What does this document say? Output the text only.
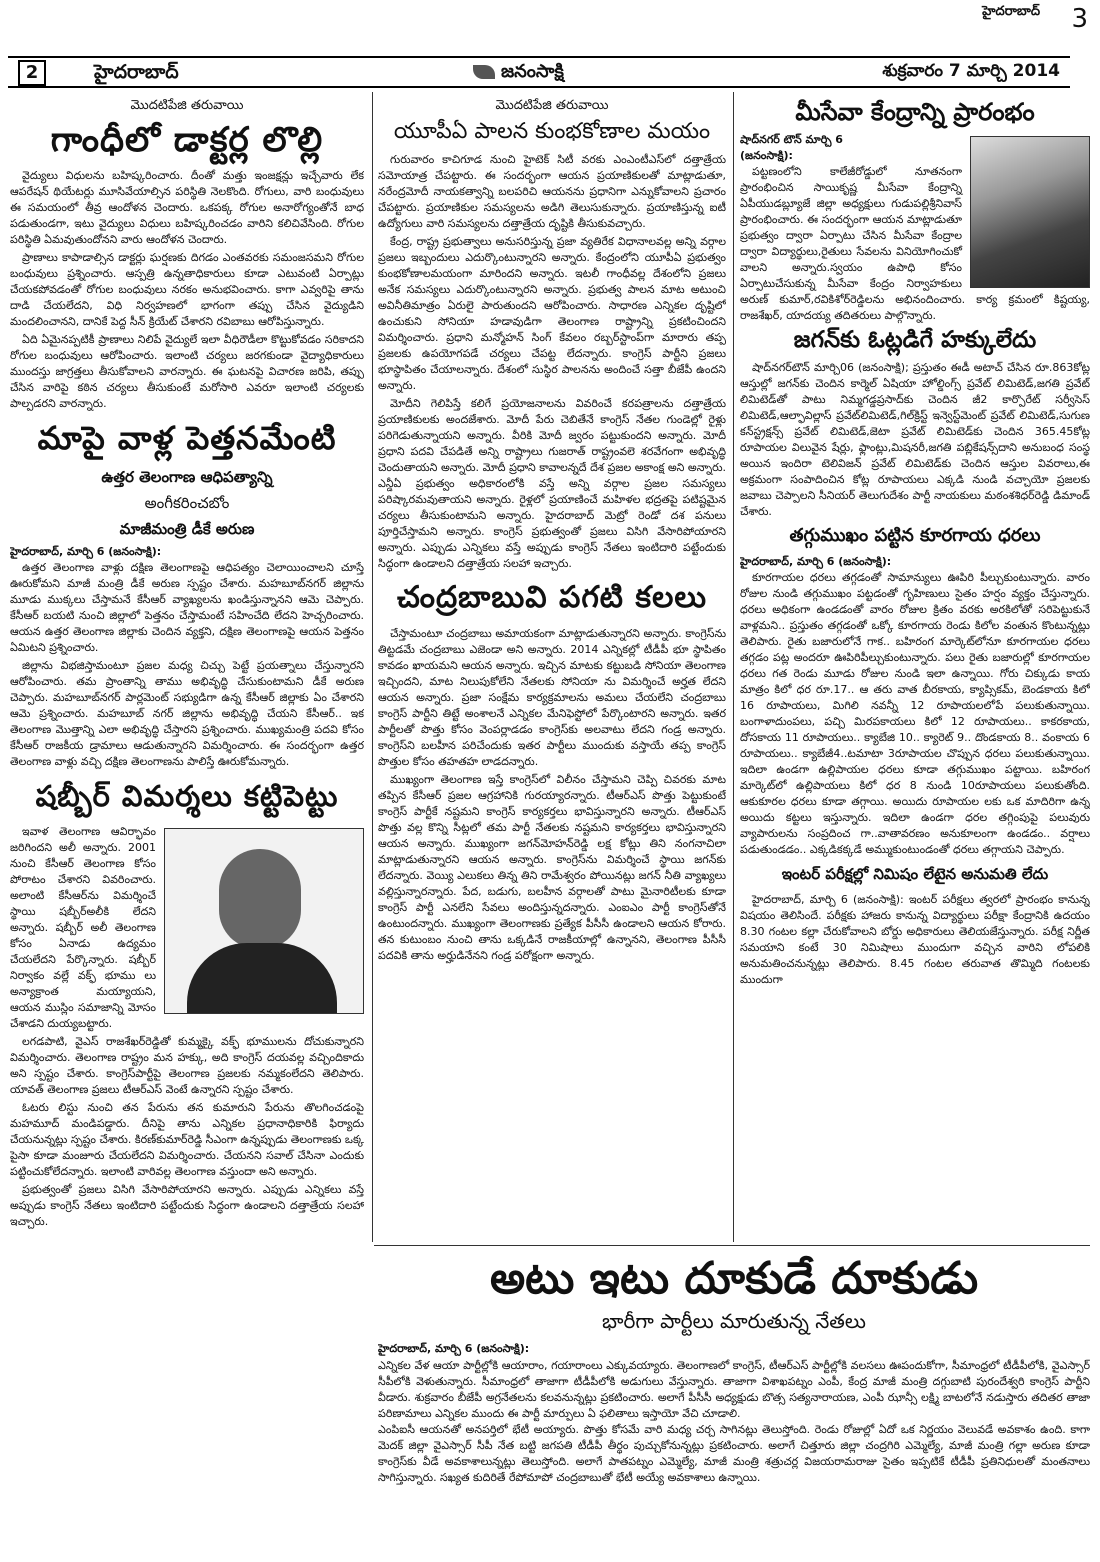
హైదరాబాద్ 3
2	హైదరాబాద్	జనంసాక్షి	శుక్రవారం 7 మార్చి 2014
మొదటిపేజి తరువాయి
గాంధీలో డాక్టర్ల లొల్లి

వైద్యులు విధులను బహిష్కరించారు. దీంతో మత్తు ఇంజక్షన్లు ఇచ్చేవారు లేక ఆపరేషన్ థియేటర్లు మూసివేయాల్సిన పరిస్థితి నెలకొంది. రోగులు, వారి బంధువులు ఈ సమయంలో తీవ్ర ఆందోళన చెందారు. ఒకపక్క రోగుల అనారోగ్యంతోనే బాధ పడుతుండగా, ఇటు వైద్యులు విధులు బహిష్కరించడం వారిని కలిచివేసింది. రోగుల పరిస్థితి ఏమవుతుందోనని వారు ఆందోళన చెందారు.

ప్రాణాలు కాపాడాల్సిన డాక్టర్లు ఘర్షణకు దిగడం ఎంతవరకు సమంజసమని రోగుల బంధువులు ప్రశ్నించారు. ఆస్పత్రి ఉన్నతాధికారులు కూడా ఎటువంటి ఏర్పాట్లు చేయకపోవడంతో రోగుల బంధువులు నరకం అనుభవించారు. కాగా ఎవ్వరిపై తాను దాడి చేయలేదని, విధి నిర్వహణలో భాగంగా తప్పు చేసిన వైద్యుడిని మందలించానని, దానికే పెద్ద సీన్ క్రియేట్ చేశారని రవిబాబు ఆరోపిస్తున్నారు.

ఏది ఏమైనప్పటికీ ప్రాణాలు నిలిపే వైద్యులే ఇలా వీధిరౌడీలా కొట్టుకోవడం సరికాదని రోగుల బంధువులు ఆరోపించారు. ఇలాంటి చర్యలు జరగకుండా వైద్యాధికారులు ముందస్తు జాగ్రత్తలు తీసుకోవాలని వారన్నారు. ఈ ఘటనపై విచారణ జరిపి, తప్పు చేసిన వారిపై కఠిన చర్యలు తీసుకుంటే మరోసారి ఎవరూ ఇలాంటి చర్యలకు పాల్పడరని వారన్నారు.

మాపై వాళ్ల పెత్తనమేంటి
ఉత్తర తెలంగాణ ఆధిపత్యాన్ని
అంగీకరించబోం
మాజీమంత్రి డీకే అరుణ
హైదరాబాద్, మార్చి 6 (జనంసాక్షి):

ఉత్తర తెలంగాణ వాళ్లు దక్షిణ తెలంగాణపై ఆధిపత్యం చెలాయించాలని చూస్తే ఊరుకోమని మాజీ మంత్రి డీకే అరుణ స్పష్టం చేశారు. మహబూబ్‌నగర్ జిల్లాను మూడు ముక్కలు చేస్తామనే కేసీఆర్ వ్యాఖ్యలను ఖండిస్తున్నానని ఆమె చెప్పారు. కేసీఆర్ బయటి నుంచి జిల్లాలో పెత్తనం చేస్తామంటే సహించేది లేదని హెచ్చరించారు. ఆయన ఉత్తర తెలంగాణ జిల్లాకు చెందిన వ్యక్తని, దక్షిణ తెలంగాణపై ఆయన పెత్తనం ఏమిటని ప్రశ్నించారు.

జిల్లాను విభజిస్తామంటూ ప్రజల మధ్య చిచ్చు పెట్టే ప్రయత్నాలు చేస్తున్నారని ఆరోపించారు. తమ ప్రాంతాన్ని తాము అభివృద్ధి చేసుకుంటామని డీకే అరుణ చెప్పారు. మహబూబ్‌నగర్ పార్లమెంట్ సభ్యుడిగా ఉన్న కేసీఆర్ జిల్లాకు ఏం చేశారని ఆమె ప్రశ్నించారు. మహబూబ్ నగర్ జిల్లాను అభివృద్ధి చేయని కేసీఆర్.. ఇక తెలంగాణ మొత్తాన్ని ఎలా అభివృద్ధి చేస్తారని ప్రశ్నించారు. ముఖ్యమంత్రి పదవి కోసం కేసీఆర్ రాజకీయ డ్రామాలు ఆడుతున్నారని విమర్శించారు. ఈ సందర్భంగా ఉత్తర తెలంగాణ వాళ్లు వచ్చి దక్షిణ తెలంగాణను పాలిస్తే ఊరుకోమన్నారు.

షబ్బీర్ విమర్శలు కట్టిపెట్టు

ఇవాళ తెలంగాణ ఆవిర్భావం జరిగిందని అలీ అన్నారు. 2001 నుంచి కేసీఆర్ తెలంగాణ కోసం పోరాటం చేశారని వివరించారు. అలాంటి కేసీఆర్‌ను విమర్శించే స్థాయి షబ్బీర్‌అలీకి లేదని అన్నారు. షబ్బీర్ అలీ తెలంగాణ కోసం ఏనాడు ఉద్యమం చేయలేదని పేర్కొన్నారు. షబ్బీర్ నిర్వాకం వల్లే వక్ఫ్ భూము లు అన్యాక్రాంత మయ్యాయని, ఆయన ముస్లిం సమాజాన్ని మోసం చేశాడని దుయ్యబట్టారు.

లగడపాటి, వైఎస్ రాజశేఖర్‌రెడ్డితో కుమ్మక్కై వక్ఫ్ భూములను దోచుకున్నారని విమర్శించారు. తెలంగాణ రాష్ట్రం మన హక్కు, అది కాంగ్రెస్ దయవల్ల వచ్చిందికాదు అని స్పష్టం చేశారు. కాంగ్రెస్‌పార్టీపై తెలంగాణ ప్రజలకు నమ్మకంలేదని తెలిపారు. యావత్ తెలంగాణ ప్రజలు టీఆర్ఎస్ వెంటే ఉన్నారని స్పష్టం చేశారు.

ఓటరు లిస్టు నుంచి తన పేరును తన కుమారుని పేరును తొలగించడంపై మహమూద్ మండిపడ్డారు. దీనిపై తాను ఎన్నికల ప్రధానాధికారికి ఫిర్యాదు చేయనున్నట్లు స్పష్టం చేశారు. కిరణ్‌కుమార్‌రెడ్డి సీఎంగా ఉన్నప్పుడు తెలంగాణకు ఒక్క పైసా కూడా మంజూరు చేయలేదని విమర్శించారు. చేయనని సవాల్ చేసినా ఎందుకు పట్టించుకోలేదన్నారు. ఇలాంటి వారివల్ల తెలంగాణ వస్తుందా అని అన్నారు.

ప్రభుత్వంతో ప్రజలు విసిగి వేసారిపోయారని అన్నారు. ఎప్పుడు ఎన్నికలు వస్తే అప్పుడు కాంగ్రెస్ నేతలు ఇంటిదారి పట్టేందుకు సిద్ధంగా ఉండాలని దత్తాత్రేయ సలహా ఇచ్చారు.

మొదటిపేజి తరువాయి
యూపీఏ పాలన కుంభకోణాల మయం

గురువారం కాచిగూడ నుంచి హైటెక్ సిటీ వరకు ఎంఎంటీఎస్‌లో దత్తాత్రేయ సమోయాత్ర చేపట్టారు. ఈ సందర్భంగా ఆయన ప్రయాణికులతో మాట్లాడుతూ, నరేంద్రమోదీ నాయకత్వాన్ని బలపరిచి ఆయనను ప్రధానిగా ఎన్నుకోవాలని ప్రచారం చేపట్టారు. ప్రయాణికుల సమస్యలను అడిగి తెలుసుకున్నారు. ప్రయాణిస్తున్న ఐటీ ఉద్యోగులు వారి సమస్యలను దత్తాత్రేయ దృష్టికి తీసుకువచ్చారు.

కేంద్ర, రాష్ట్ర ప్రభుత్వాలు అనుసరిస్తున్న ప్రజా వ్యతిరేక విధానాలవల్ల అన్ని వర్గాల ప్రజలు ఇబ్బందులు ఎదుర్కొంటున్నారని అన్నారు. కేంద్రంలోని యూపీఏ ప్రభుత్వం కుంభకోణాలమయంగా మారిందని అన్నారు. ఇటలీ గాంధీవల్ల దేశంలోని ప్రజలు అనేక సమస్యలు ఎదుర్కొంటున్నారని అన్నారు. ప్రభుత్వ పాలన మాట అటుంచి అవినీతిమాత్రం ఏరులై పారుతుందని ఆరోపించారు. సాధారణ ఎన్నికల దృష్టిలో ఉంచుకుని సోనియా హడావుడిగా తెలంగాణ రాష్ట్రాన్ని ప్రకటించిందని విమర్శించారు. ప్రధాని మన్మోహన్ సింగ్ కేవలం రబ్బర్‌స్టాంప్‌గా మారారు తప్ప ప్రజలకు ఉపయోగపడే చర్యలు చేపట్ట లేదన్నారు. కాంగ్రెస్ పార్టీని ప్రజలు భూస్థాపితం చేయాలన్నారు. దేశంలో సుస్థిర పాలనను అందించే సత్తా బీజేపీ ఉందని అన్నారు.

మోదీని గెలిపిస్తే కలిగే ప్రయోజనాలను వివరించే కరపత్రాలను దత్తాత్రేయ ప్రయాణికులకు అందజేశారు. మోదీ పేరు చెబితేనే కాంగ్రెస్ నేతల గుండెల్లో రైళ్లు పరిగెడుతున్నాయని అన్నారు. వీరికి మోదీ జ్వరం పట్టుకుందని అన్నారు. మోదీ ప్రధాని పదవి చేపడితే అన్ని రాష్ట్రాలు గుజరాత్ రాష్ట్రంవలె శరవేగంగా అభివృద్ధి చెందుతాయని అన్నారు. మోదీ ప్రధాని కావాలన్నదే దేశ ప్రజల అకాంక్ష అని అన్నారు. ఎన్డీఏ ప్రభుత్వం అధికారంలోకి వస్తే అన్ని వర్గాల ప్రజల సమస్యలు పరిష్కారమవుతాయని అన్నారు. రైళ్లలో ప్రయాణించే మహిళల భద్రతపై పటిష్టమైన చర్యలు తీసుకుంటామని అన్నారు. హైదరాబాద్ మెట్రో రెండో దశ పనులు పూర్తిచేస్తామని అన్నారు. కాంగ్రెస్ ప్రభుత్వంతో ప్రజలు విసిగి వేసారిపోయారని అన్నారు. ఎప్పుడు ఎన్నికలు వస్తే అప్పుడు కాంగ్రెస్ నేతలు ఇంటిదారి పట్టేందుకు సిద్ధంగా ఉండాలని దత్తాత్రేయ సలహా ఇచ్చారు.

చంద్రబాబువి పగటి కలలు

చేస్తామంటూ చంద్రబాబు అమాయకంగా మాట్లాడుతున్నారని అన్నారు. కాంగ్రెస్‌ను తిట్టడమే చంద్రబాబు ఎజెండా అని అన్నారు. 2014 ఎన్నికల్లో టీడీపీ భూ స్థాపితం కావడం ఖాయమని ఆయన అన్నారు. ఇచ్చిన మాటకు కట్టుబడి సోనియా తెలంగాణ ఇచ్చిందని, మాట నిలుపుకోలేని నేతలకు సోనియా ను విమర్శించే అర్హత లేదని ఆయన అన్నారు. ప్రజా సంక్షేమ కార్యక్రమాలను అమలు చేయలేని చంద్రబాబు కాంగ్రెస్ పార్టీని తిట్టే అంశాలనే ఎన్నికల మేనిఫెస్టోలో పేర్కొంటారని అన్నారు. ఇతర పార్టీలతో పొత్తు కోసం వెంపర్లాడడం కాంగ్రెస్‌కు అలవాటు లేదని గండ్ర అన్నారు. కాంగ్రెస్‌ని బలహీన పరిచేందుకు ఇతర పార్టీలు ముందుకు వస్తాయే తప్ప కాంగ్రెస్ పొత్తుల కోసం తహతహ లాడదన్నారు.

ముఖ్యంగా తెలంగాణ ఇస్తే కాంగ్రెస్‌లో విలీనం చేస్తామని చెప్పి చివరకు మాట తప్పిన కేసీఆర్ ప్రజల ఆగ్రహానికి గురయ్యారన్నారు. టీఆర్ఎస్ పొత్తు పెట్టుకుంటే కాంగ్రెస్ పార్టీకే నష్టమని కాంగ్రెస్ కార్యకర్తలు భావిస్తున్నారని అన్నారు. టీఆర్ఎస్ పొత్తు వల్ల కొన్ని సీట్లలో తమ పార్టీ నేతలకు నష్టమని కార్యకర్తలు భావిస్తున్నారని ఆయన అన్నారు. ముఖ్యంగా జగన్‌మోహన్‌రెడ్డి లక్ష కోట్లు తిని నంగనాచిలా మాట్లాడుతున్నారని ఆయన అన్నారు. కాంగ్రెస్‌ను విమర్శించే స్థాయి జగన్‌కు లేదన్నారు. వెయ్యి ఎలుకలు తిన్న తిని రామేశ్వరం పోయినట్లు జగన్ నీతి వ్యాఖ్యలు వల్లిస్తున్నారన్నారు. పేద, బడుగు, బలహీన వర్గాలతో పాటు మైనారిటీలకు కూడా కాంగ్రెస్ పార్టీ ఎనలేని సేవలు అందిస్తున్నదన్నారు. ఎంఐఎం పార్టీ కాంగ్రెస్‌తోనే ఉంటుందన్నారు. ముఖ్యంగా తెలంగాణకు ప్రత్యేక పీసీసీ ఉండాలని ఆయన కోరారు. తన కుటుంబం నుంచి తాను ఒక్కడినే రాజకీయాల్లో ఉన్నానని, తెలంగాణ పీసీసీ పదవికి తాను అర్హుడినేనని గండ్ర పరోక్షంగా అన్నారు.

మీసేవా కేంద్రాన్ని ప్రారంభం
షాద్‌నగర్ టౌన్ మార్చి 6
(జనంసాక్షి):

పట్టణంలోని కాలేజీరోడ్డులో నూతనంగా ప్రారంభించిన సాయికృష్ణ మీసేవా కేంద్రాన్ని ఏపీయుడబ్ల్యూజే జిల్లా అధ్యక్షులు గుడుపల్లిశ్రీనివాస్ ప్రారంభించారు. ఈ సందర్భంగా ఆయన మాట్లాడుతూ ప్రభుత్వం ద్వారా ఏర్పాటు చేసిన మీసేవా కేంద్రాల ద్వారా విద్యార్థులు,రైతులు సేవలను వినియోగించుకో వాలని అన్నారు.స్వయం ఉపాధి కోసం ఏర్పాటుచేసుకున్న మీసేవా కేంద్రం నిర్వాహకులు అరుణ్ కుమార్,రవికిశోర్‌రెడ్డిలను అభినందించారు. కార్య క్రమంలో కిష్టయ్య, రాజశేఖర్, యాదయ్య తదితరులు పాల్గొన్నారు.

జగన్‌కు ఓట్లడిగే హక్కులేదు

షాద్‌నగర్‌టౌన్ మార్చి06 (జనంసాక్షి); ప్రస్తుతం ఈడీ అటాచ్ చేసిన రూ.863కోట్ల ఆస్తుల్లో జగన్‌కు చెందిన కార్మెల్ ఏషియా హోల్డింగ్స్ ప్రవేట్ లిమిటెడ్,జగతి ప్రవేట్ లిమిటెడ్‌తో పాటు నిమ్మగడ్డప్రసాద్‌కు చెందిన జీ2 కార్పొరేట్ సర్వీసెస్ లిమిటెడ్,ఆల్ఫావిల్లాస్ ప్రవేట్‌లిమిటెడ్,గిల్‌క్రిస్ట్ ఇన్వెస్ట్‌మెంట్ ప్రవేట్ లిమిటెడ్,సుగుణ కన్‌స్ట్రక్షన్స్ ప్రవేట్ లిమిటెడ్,జెటా ప్రవేట్ లిమిటెడ్‌కు చెందిన 365.45కోట్ల రూపాయల విలువైన షేర్లు, ఫ్లాంట్లు,మిషనరీ,జగతి పబ్లికేషన్స్‌దాని అనుబంధ సంస్థ అయిన ఇందిరా టెలివిజన్ ప్రవేట్ లిమిటెడ్‌కు చెందిన ఆస్తుల వివరాలు,ఈ అక్రమంగా సంపాదించిన కోట్ల రూపాయలు ఎక్కడి నుండి వచ్చాయో ప్రజలకు జవాబు చెప్పాలని సీనియర్ తెలుగుదేశం పార్టీ నాయకులు మఠంశశిధర్‌రెడ్డి డిమాండ్ చేశారు.

తగ్గుముఖం పట్టిన కూరగాయ ధరలు
హైదరాబాద్, మార్చి 6 (జనంసాక్షి):

కూరగాయల ధరలు తగ్గడంతో సామాన్యులు ఊపిరి పీల్చుకుంటున్నారు. వారం రోజుల నుండి తగ్గుముఖం పట్టడంతో గృహిణులు సైతం హర్షం వ్యక్తం చేస్తున్నారు. ధరలు అధికంగా ఉండడంతో వారం రోజుల క్రితం వరకు అరకిలోతో సరిపెట్టుకునే వాళ్లమని.. ప్రస్తుతం తగ్గడంతో ఒక్కో కూరగాయ రెండు కిలోల వంతున కొంటున్నట్లు తెలిపారు. రైతు బజారులోనే గాక.. బహిరంగ మార్కెట్‌లోనూ కూరగాయల ధరలు తగ్గడం పట్ల అందరూ ఊపిరిపీల్చుకుంటున్నారు. పలు రైతు బజారుల్లో కూరగాయల ధరలు గత రెండు మూడు రోజుల నుండి ఇలా ఉన్నాయి. గోరు చిక్కుడు కాయ మాత్రం కిలో ధర రూ.17.. ఆ తరు వాత బీరకాయ, క్యాప్సికమ్, బెండకాయ కిలో 16 రూపాయలు, మిగిలి నవన్నీ 12 రూపాయలలోపే పలుకుతున్నాయి. బంగాళాదుంపలు, పచ్చి మిరపకాయలు కిలో 12 రూపాయలు.. కాకరకాయ, దోసకాయ 11 రూపాయలు.. క్యాబేజి 10.. క్యారెట్ 9.. దొండకాయ 8.. వంకాయ 6 రూపాయలు.. క్యాబేజీ4..టమాటా 3రూపాయల చొప్పున ధరలు పలుకుతున్నాయి. ఇదిలా ఉండగా ఉల్లిపాయల ధరలు కూడా తగ్గుముఖం పట్టాయి. బహిరంగ మార్కెట్‌లో ఉల్లిపాయలు కిలో ధర 8 నుండి 10రూపాయలు పలుకుతోంది. ఆకుకూరల ధరలు కూడా తగ్గాయి. అయిదు రూపాయల లకు ఒక మాదిరిగా ఉన్న అయిదు కట్టలు ఇస్తున్నారు. ఇదిలా ఉండగా ధరల తగ్గింపుపై పలువురు వ్యాపారులను సంప్రదించ గా..వాతావరణం అనుకూలంగా ఉండడం.. వర్షాలు పడుతుండడం.. ఎక్కడికక్కడే అమ్ముకుంటుండంతో ధరలు తగ్గాయని చెప్పారు.

ఇంటర్ పరీక్షల్లో నిమిషం లేటైన అనుమతి లేదు

హైదరాబాద్, మార్చి 6 (జనంసాక్షి): ఇంటర్ పరీక్షలు త్వరలో ప్రారంభం కానున్న విషయం తెలిసిందే. పరీక్షకు హాజరు కానున్న విద్యార్థులు పరీక్షా కేంద్రానికి ఉదయం 8.30 గంటల కల్లా చేరుకోవాలని బోర్డు అధికారులు తెలియజేస్తున్నారు. పరీక్ష నిర్ణీత సమయాని కంటే 30 నిమిషాలు ముందుగా వచ్చిన వారిని లోపలికి అనుమతించనున్నట్లు తెలిపారు. 8.45 గంటల తరువాత తొమ్మిది గంటలకు ముందుగా

అటు ఇటు దూకుడే దూకుడు
భారీగా పార్టీలు మారుతున్న నేతలు
హైదరాబాద్, మార్చి 6 (జనంసాక్షి):

ఎన్నికల వేళ ఆయా పార్టీల్లోకి ఆయారాం, గయారాంలు ఎక్కువయ్యారు. తెలంగాణలో కాంగ్రెస్, టీఆర్ఎస్ పార్టీల్లోకి వలసలు ఊపందుకోగా, సీమాంధ్రలో టీడీపీలోకి, వైఎస్సార్ సీపీలోకి వెళుతున్నారు. సీమాంధ్రలో తాజాగా టీడీపీలోకి అడుగులు వేస్తున్నారు. తాజాగా విశాఖపట్నం ఎంపీ, కేంద్ర మాజీ మంత్రి దగ్గుబాటి పురందేశ్వరి కాంగ్రెస్ పార్టీని వీడారు. శుక్రవారం బీజేపీ అగ్రనేతలను కలవనున్నట్లు ప్రకటించారు. అలాగే పీసీసీ అధ్యక్షుడు బొత్స సత్యనారాయణ, ఎంపీ ఝాన్సీ లక్ష్మి బాటలోనే నడుస్తారు తదితర తాజా పరిణామాలు ఎన్నికల ముందు ఈ పార్టీ మార్పులు ఏ ఫలితాలు ఇస్తాయో వేచి చూడాలి.

ఎంపిఐసీ ఆయనతో అనపర్తిలో భేటీ అయ్యారు. పొత్తు కోసమే వారి మధ్య చర్చ సాగినట్లు తెలుస్తోంది. రెండు రోజుల్లో ఏదో ఒక నిర్ణయం వెలువడే అవకాశం ఉంది. కాగా మెదక్ జిల్లా వైఎస్సార్ సీపీ నేత బట్టి జగపతి టీడీపీ తీర్థం పుచ్చుకోనున్నట్లు ప్రకటించారు. అలాగే చిత్తూరు జిల్లా చంద్రగిరి ఎమ్మెల్యే, మాజీ మంత్రి గల్లా అరుణ కూడా కాంగ్రెస్‌కు వీడే అవకాశాలున్నట్లు తెలుస్తోంది. అలాగే పాతపట్నం ఎమ్మెల్యే, మాజీ మంత్రి శత్రుచర్ల విజయరామరాజు సైతం ఇప్పటికే టీడీపీ ప్రతినిధులతో మంతనాలు సాగిస్తున్నారు. సఖ్యత కుదిరితే రేపోమాపో చంద్రబాబుతో భేటీ అయ్యే అవకాశాలు ఉన్నాయి.
